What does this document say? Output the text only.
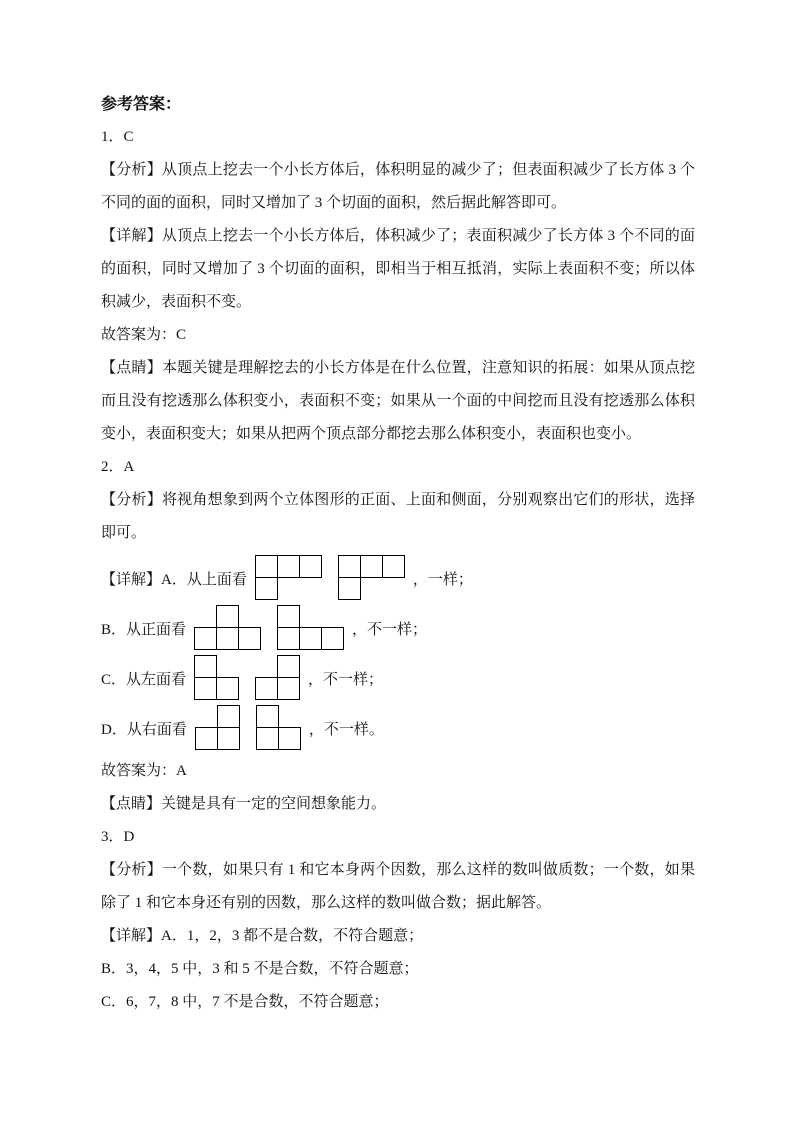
参考答案：

1．C

【分析】从顶点上挖去一个小长方体后，体积明显的减少了；但表面积减少了长方体 3 个不同的面的面积，同时又增加了 3 个切面的面积，然后据此解答即可。

【详解】从顶点上挖去一个小长方体后，体积减少了；表面积减少了长方体 3 个不同的面的面积，同时又增加了 3 个切面的面积，即相当于相互抵消，实际上表面积不变；所以体积减少，表面积不变。

故答案为：C

【点睛】本题关键是理解挖去的小长方体是在什么位置，注意知识的拓展：如果从顶点挖而且没有挖透那么体积变小，表面积不变；如果从一个面的中间挖而且没有挖透那么体积变小，表面积变大；如果从把两个顶点部分都挖去那么体积变小，表面积也变小。

2．A

【分析】将视角想象到两个立体图形的正面、上面和侧面，分别观察出它们的形状，选择即可。

【详解】A．从上面看	，一样；

B．从正面看	，不一样；

C．从左面看	，不一样；

D．从右面看	，不一样。

故答案为：A

【点睛】关键是具有一定的空间想象能力。

3．D

【分析】一个数，如果只有 1 和它本身两个因数，那么这样的数叫做质数；一个数，如果除了 1 和它本身还有别的因数，那么这样的数叫做合数；据此解答。

【详解】A．1，2，3 都不是合数，不符合题意；

B．3，4，5 中，3 和 5 不是合数，不符合题意；

C．6，7，8 中，7 不是合数，不符合题意；
